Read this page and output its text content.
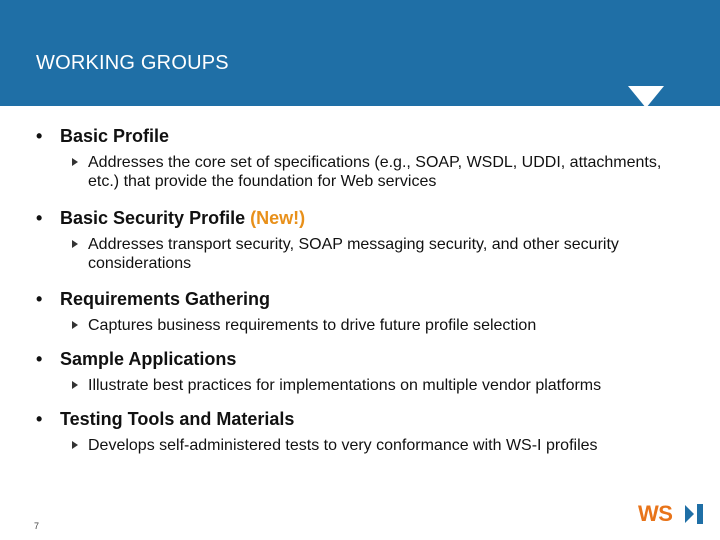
WORKING GROUPS
• Basic Profile
Addresses the core set of specifications (e.g., SOAP, WSDL, UDDI, attachments, etc.) that provide the foundation for Web services
• Basic Security Profile (New!)
Addresses transport security, SOAP messaging security, and other security considerations
• Requirements Gathering
Captures business requirements to drive future profile selection
• Sample Applications
Illustrate best practices for implementations on multiple vendor platforms
• Testing Tools and Materials
Develops self-administered tests to very conformance with WS-I profiles
7	WS
